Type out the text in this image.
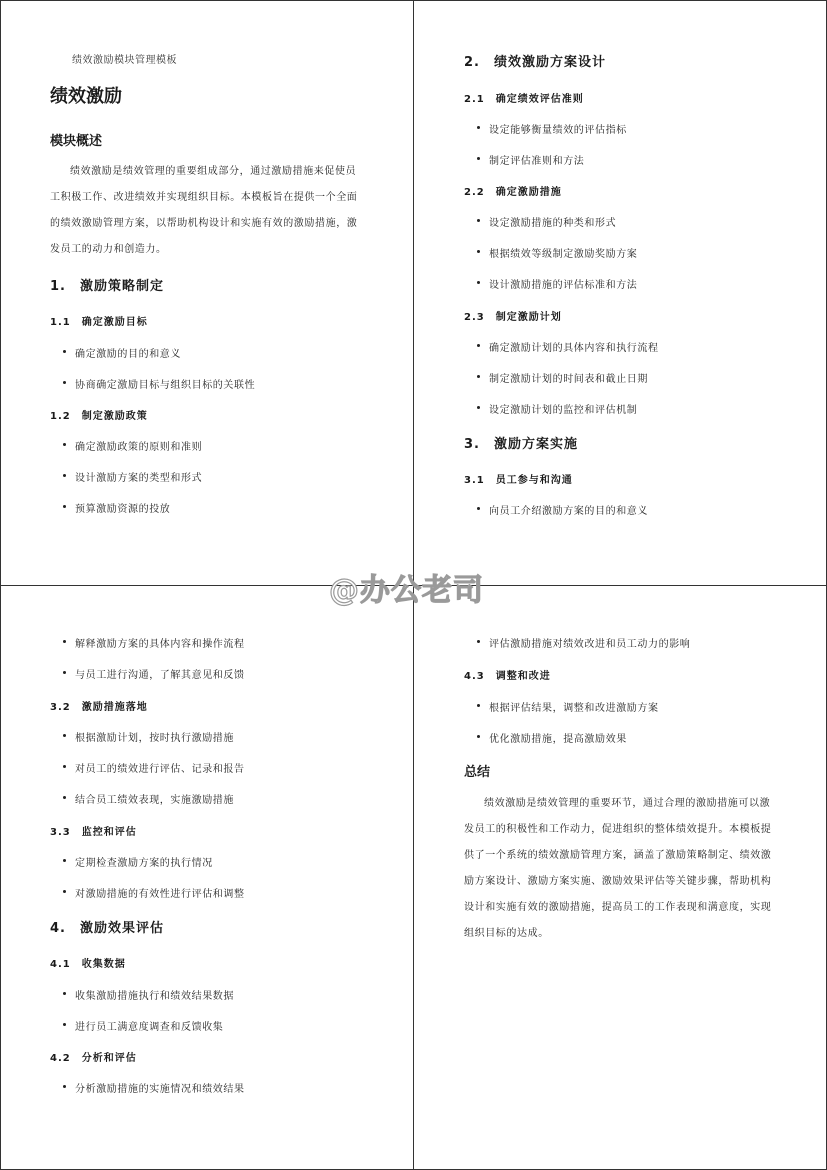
绩效激励模块管理模板
绩效激励
模块概述
绩效激励是绩效管理的重要组成部分，通过激励措施来促使员工积极工作、改进绩效并实现组织目标。本模板旨在提供一个全面的绩效激励管理方案，以帮助机构设计和实施有效的激励措施，激发员工的动力和创造力。
1.　激励策略制定
1.1　确定激励目标
确定激励的目的和意义
协商确定激励目标与组织目标的关联性
1.2　制定激励政策
确定激励政策的原则和准则
设计激励方案的类型和形式
预算激励资源的投放
2.　绩效激励方案设计
2.1　确定绩效评估准则
设定能够衡量绩效的评估指标
制定评估准则和方法
2.2　确定激励措施
设定激励措施的种类和形式
根据绩效等级制定激励奖励方案
设计激励措施的评估标准和方法
2.3　制定激励计划
确定激励计划的具体内容和执行流程
制定激励计划的时间表和截止日期
设定激励计划的监控和评估机制
3.　激励方案实施
3.1　员工参与和沟通
向员工介绍激励方案的目的和意义
解释激励方案的具体内容和操作流程
与员工进行沟通，了解其意见和反馈
3.2　激励措施落地
根据激励计划，按时执行激励措施
对员工的绩效进行评估、记录和报告
结合员工绩效表现，实施激励措施
3.3　监控和评估
定期检查激励方案的执行情况
对激励措施的有效性进行评估和调整
4.　激励效果评估
4.1　收集数据
收集激励措施执行和绩效结果数据
进行员工满意度调查和反馈收集
4.2　分析和评估
分析激励措施的实施情况和绩效结果
评估激励措施对绩效改进和员工动力的影响
4.3　调整和改进
根据评估结果，调整和改进激励方案
优化激励措施，提高激励效果
总结
绩效激励是绩效管理的重要环节，通过合理的激励措施可以激发员工的积极性和工作动力，促进组织的整体绩效提升。本模板提供了一个系统的绩效激励管理方案，涵盖了激励策略制定、绩效激励方案设计、激励方案实施、激励效果评估等关键步骤，帮助机构设计和实施有效的激励措施，提高员工的工作表现和满意度，实现组织目标的达成。
@办公老司
